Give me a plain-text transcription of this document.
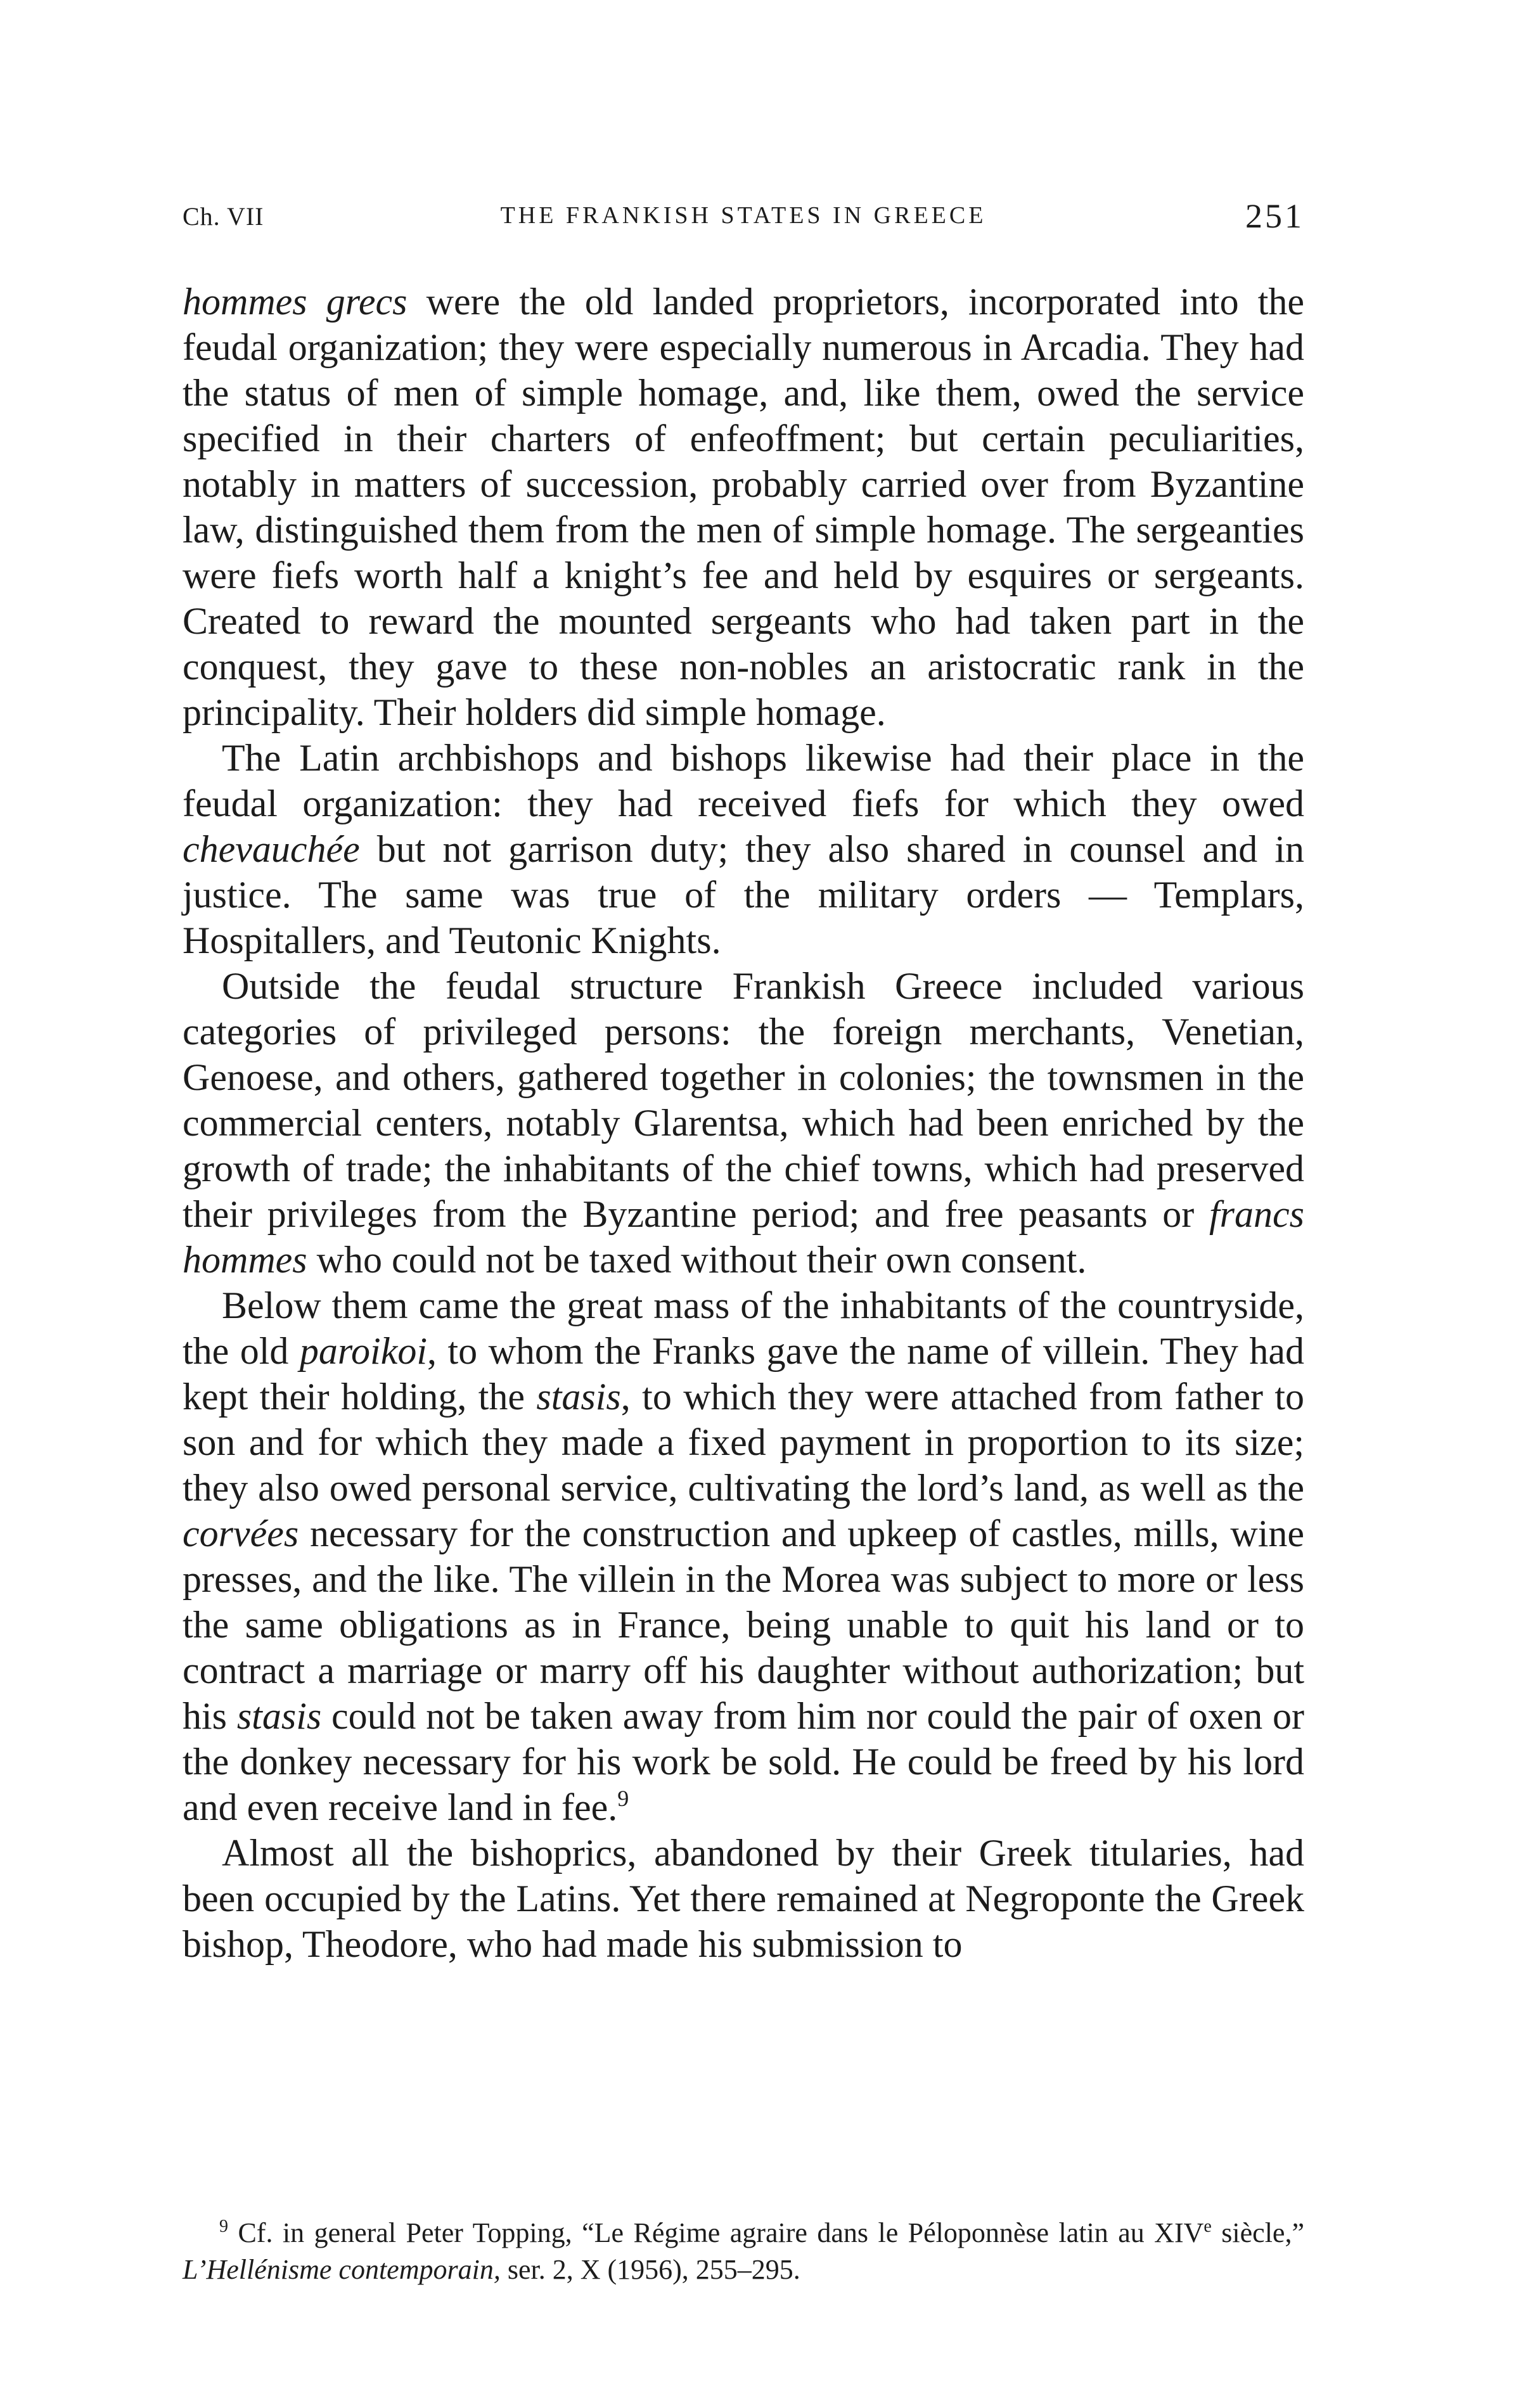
Ch. VII	THE FRANKISH STATES IN GREECE	251

hommes grecs were the old landed proprietors, incorporated into the feudal organization; they were especially numerous in Arcadia. They had the status of men of simple homage, and, like them, owed the service specified in their charters of enfeoffment; but certain peculiarities, notably in matters of succession, probably carried over from Byzantine law, distinguished them from the men of simple homage. The sergeanties were fiefs worth half a knight’s fee and held by esquires or sergeants. Created to reward the mounted sergeants who had taken part in the conquest, they gave to these non-nobles an aristocratic rank in the principality. Their holders did simple homage.

The Latin archbishops and bishops likewise had their place in the feudal organization: they had received fiefs for which they owed chevauchée but not garrison duty; they also shared in counsel and in justice. The same was true of the military orders — Templars, Hospitallers, and Teutonic Knights.

Outside the feudal structure Frankish Greece included various categories of privileged persons: the foreign merchants, Venetian, Genoese, and others, gathered together in colonies; the townsmen in the commercial centers, notably Glarentsa, which had been enriched by the growth of trade; the inhabitants of the chief towns, which had preserved their privileges from the Byzantine period; and free peasants or francs hommes who could not be taxed without their own consent.

Below them came the great mass of the inhabitants of the countryside, the old paroikoi, to whom the Franks gave the name of villein. They had kept their holding, the stasis, to which they were attached from father to son and for which they made a fixed payment in proportion to its size; they also owed personal service, cultivating the lord’s land, as well as the corvées necessary for the construction and upkeep of castles, mills, wine presses, and the like. The villein in the Morea was subject to more or less the same obligations as in France, being unable to quit his land or to contract a marriage or marry off his daughter without authorization; but his stasis could not be taken away from him nor could the pair of oxen or the donkey necessary for his work be sold. He could be freed by his lord and even receive land in fee.$^9$

Almost all the bishoprics, abandoned by their Greek titularies, had been occupied by the Latins. Yet there remained at Negroponte the Greek bishop, Theodore, who had made his submission to

$^9$ Cf. in general Peter Topping, “Le Régime agraire dans le Péloponnèse latin au XIVe siècle,” L’Hellénisme contemporain, ser. 2, X (1956), 255–295.
